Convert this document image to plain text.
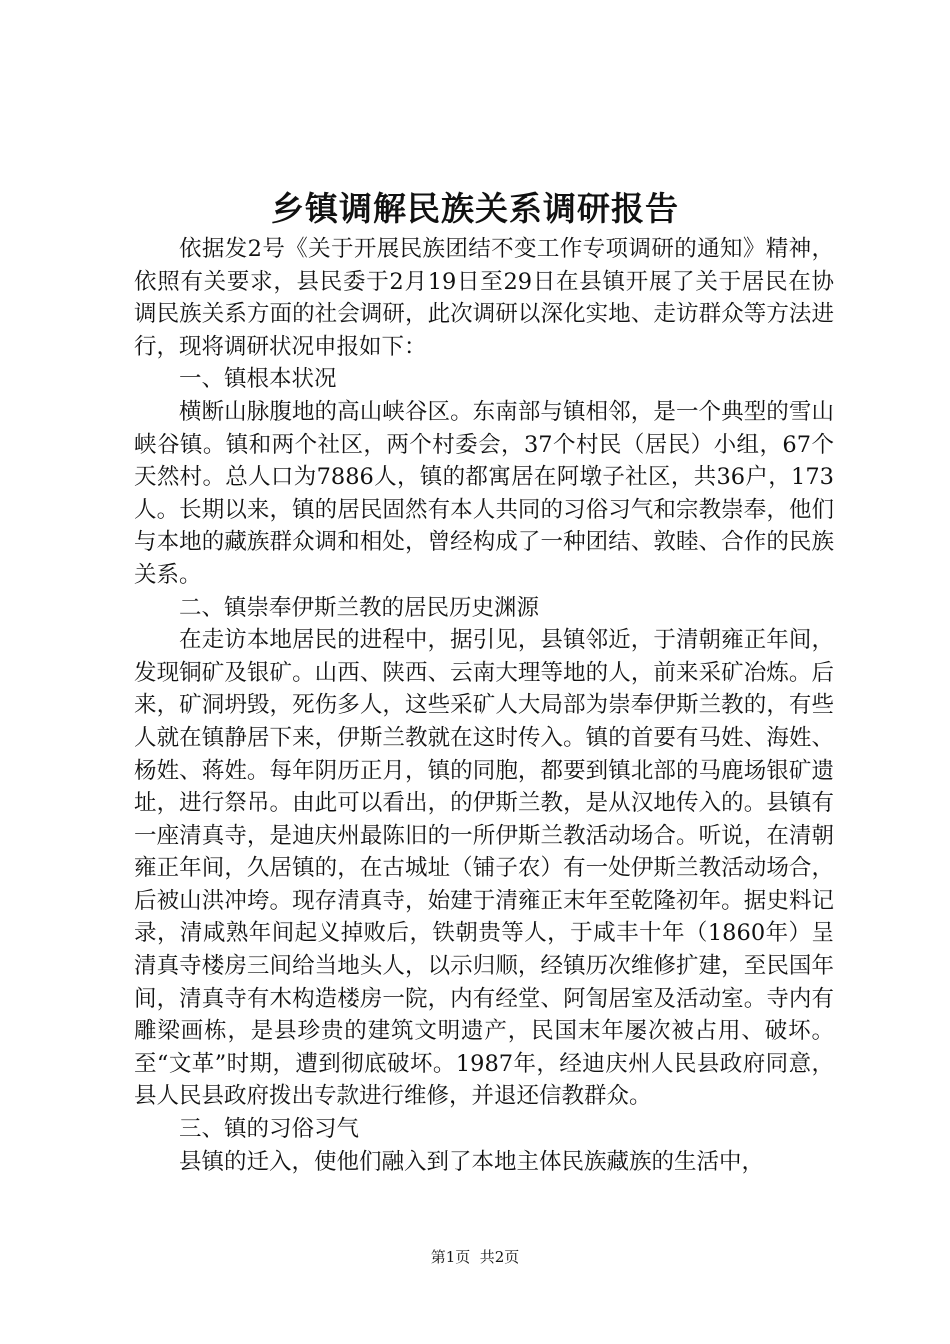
乡镇调解民族关系调研报告

依据发2号《关于开展民族团结不变工作专项调研的通知》精神，依照有关要求，县民委于2月19日至29日在县镇开展了关于居民在协调民族关系方面的社会调研，此次调研以深化实地、走访群众等方法进行，现将调研状况申报如下：

一、镇根本状况

横断山脉腹地的高山峡谷区。东南部与镇相邻，是一个典型的雪山峡谷镇。镇和两个社区，两个村委会，37个村民（居民）小组，67个天然村。总人口为7886人，镇的都寓居在阿墩子社区，共36户，173人。长期以来，镇的居民固然有本人共同的习俗习气和宗教崇奉，他们与本地的藏族群众调和相处，曾经构成了一种团结、敦睦、合作的民族关系。

二、镇崇奉伊斯兰教的居民历史渊源

在走访本地居民的进程中，据引见，县镇邻近，于清朝雍正年间，发现铜矿及银矿。山西、陕西、云南大理等地的人，前来采矿冶炼。后来，矿洞坍毁，死伤多人，这些采矿人大局部为崇奉伊斯兰教的，有些人就在镇静居下来，伊斯兰教就在这时传入。镇的首要有马姓、海姓、杨姓、蒋姓。每年阴历正月，镇的同胞，都要到镇北部的马鹿场银矿遗址，进行祭吊。由此可以看出，的伊斯兰教，是从汉地传入的。县镇有一座清真寺，是迪庆州最陈旧的一所伊斯兰教活动场合。听说，在清朝雍正年间，久居镇的，在古城址（铺子农）有一处伊斯兰教活动场合，后被山洪冲垮。现存清真寺，始建于清雍正末年至乾隆初年。据史料记录，清咸熟年间起义掉败后，铁朝贵等人，于咸丰十年（1860年）呈清真寺楼房三间给当地头人，以示归顺，经镇历次维修扩建，至民国年间，清真寺有木构造楼房一院，内有经堂、阿訇居室及活动室。寺内有雕梁画栋，是县珍贵的建筑文明遗产，民国末年屡次被占用、破坏。至“文革”时期，遭到彻底破坏。1987年，经迪庆州人民县政府同意，县人民县政府拨出专款进行维修，并退还信教群众。

三、镇的习俗习气

县镇的迁入，使他们融入到了本地主体民族藏族的生活中，

第1页  共2页
